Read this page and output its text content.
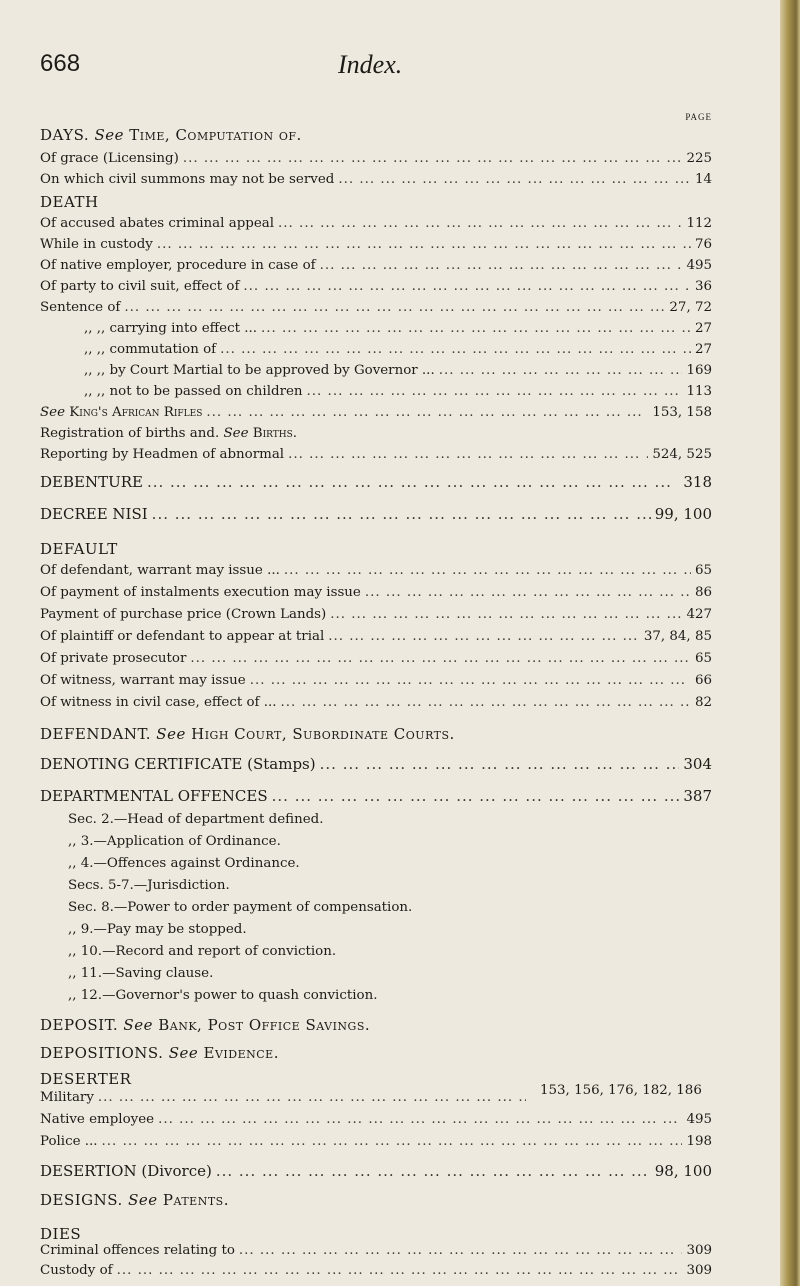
668	Index.
PAGE
DAYS. See Time, Computation of.
Of grace (Licensing) ... .	225
On which civil summons may not be served ... .	14
DEATH
Of accused abates criminal appeal ... .	112
While in custody ... .	76
Of native employer, procedure in case of ... .	495
Of party to civil suit, effect of ... .	36
Sentence of ... .	27, 72
,, ,, carrying into effect ... ... .	27
,, ,, commutation of ... .	27
,, ,, by Court Martial to be approved by Governor ... ... .	169
,, ,, not to be passed on children ... .	113
See King's African Rifles ... .	153, 158
Registration of births and. See Births.
Reporting by Headmen of abnormal ... .	524, 525
DEBENTURE ... .	318
DECREE NISI ... .	99, 100
DEFAULT
Of defendant, warrant may issue ... ... .	65
Of payment of instalments execution may issue ... .	86
Payment of purchase price (Crown Lands) ... .	427
Of plaintiff or defendant to appear at trial ... .	37, 84, 85
Of private prosecutor ... .	65
Of witness, warrant may issue ... .	66
Of witness in civil case, effect of ... ... .	82
DEFENDANT. See High Court, Subordinate Courts.
DENOTING CERTIFICATE (Stamps) ... .	304
DEPARTMENTAL OFFENCES ... .	387
Sec. 2.—Head of department defined.
,, 3.—Application of Ordinance.
,, 4.—Offences against Ordinance.
Secs. 5-7.—Jurisdiction.
Sec. 8.—Power to order payment of compensation.
,, 9.—Pay may be stopped.
,, 10.—Record and report of conviction.
,, 11.—Saving clause.
,, 12.—Governor's power to quash conviction.
DEPOSIT. See Bank, Post Office Savings.
DEPOSITIONS. See Evidence.
DESERTER
Military ... .	153, 156, 176, 182, 186
Native employee ... .	495
Police ... ... .	198
DESERTION (Divorce) ... .	98, 100
DESIGNS. See Patents.
DIES
Criminal offences relating to ... .	309
Custody of ... .	309
